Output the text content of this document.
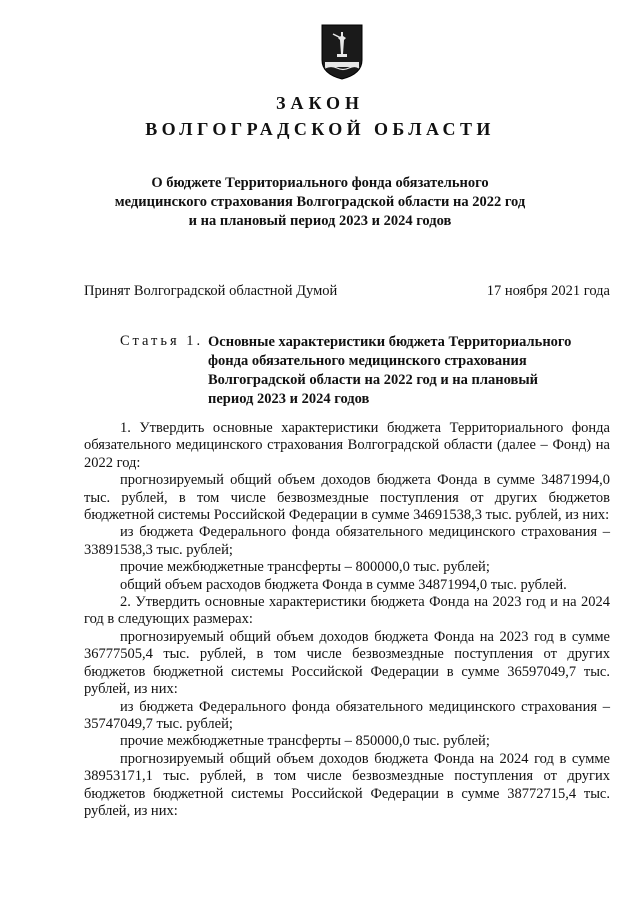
ЗАКОН
ВОЛГОГРАДСКОЙ ОБЛАСТИ
О бюджете Территориального фонда обязательного
медицинского страхования Волгоградской области на 2022 год
и на плановый период 2023 и 2024 годов
Принят Волгоградской областной Думой	17 ноября 2021 года
Статья 1. Основные характеристики бюджета Территориального
фонда обязательного медицинского страхования
Волгоградской области на 2022 год и на плановый
период 2023 и 2024 годов

1. Утвердить основные характеристики бюджета Территориального фонда обязательного медицинского страхования Волгоградской области (далее – Фонд) на 2022 год:

прогнозируемый общий объем доходов бюджета Фонда в сумме 34871994,0 тыс. рублей, в том числе безвозмездные поступления от других бюджетов бюджетной системы Российской Федерации в сумме 34691538,3 тыс. рублей, из них:

из бюджета Федерального фонда обязательного медицинского страхования – 33891538,3 тыс. рублей;

прочие межбюджетные трансферты – 800000,0 тыс. рублей;

общий объем расходов бюджета Фонда в сумме 34871994,0 тыс. рублей.

2. Утвердить основные характеристики бюджета Фонда на 2023 год и на 2024 год в следующих размерах:

прогнозируемый общий объем доходов бюджета Фонда на 2023 год в сумме 36777505,4 тыс. рублей, в том числе безвозмездные поступления от других бюджетов бюджетной системы Российской Федерации в сумме 36597049,7 тыс. рублей, из них:

из бюджета Федерального фонда обязательного медицинского страхования – 35747049,7 тыс. рублей;

прочие межбюджетные трансферты – 850000,0 тыс. рублей;

прогнозируемый общий объем доходов бюджета Фонда на 2024 год в сумме 38953171,1 тыс. рублей, в том числе безвозмездные поступления от других бюджетов бюджетной системы Российской Федерации в сумме 38772715,4 тыс. рублей, из них:
